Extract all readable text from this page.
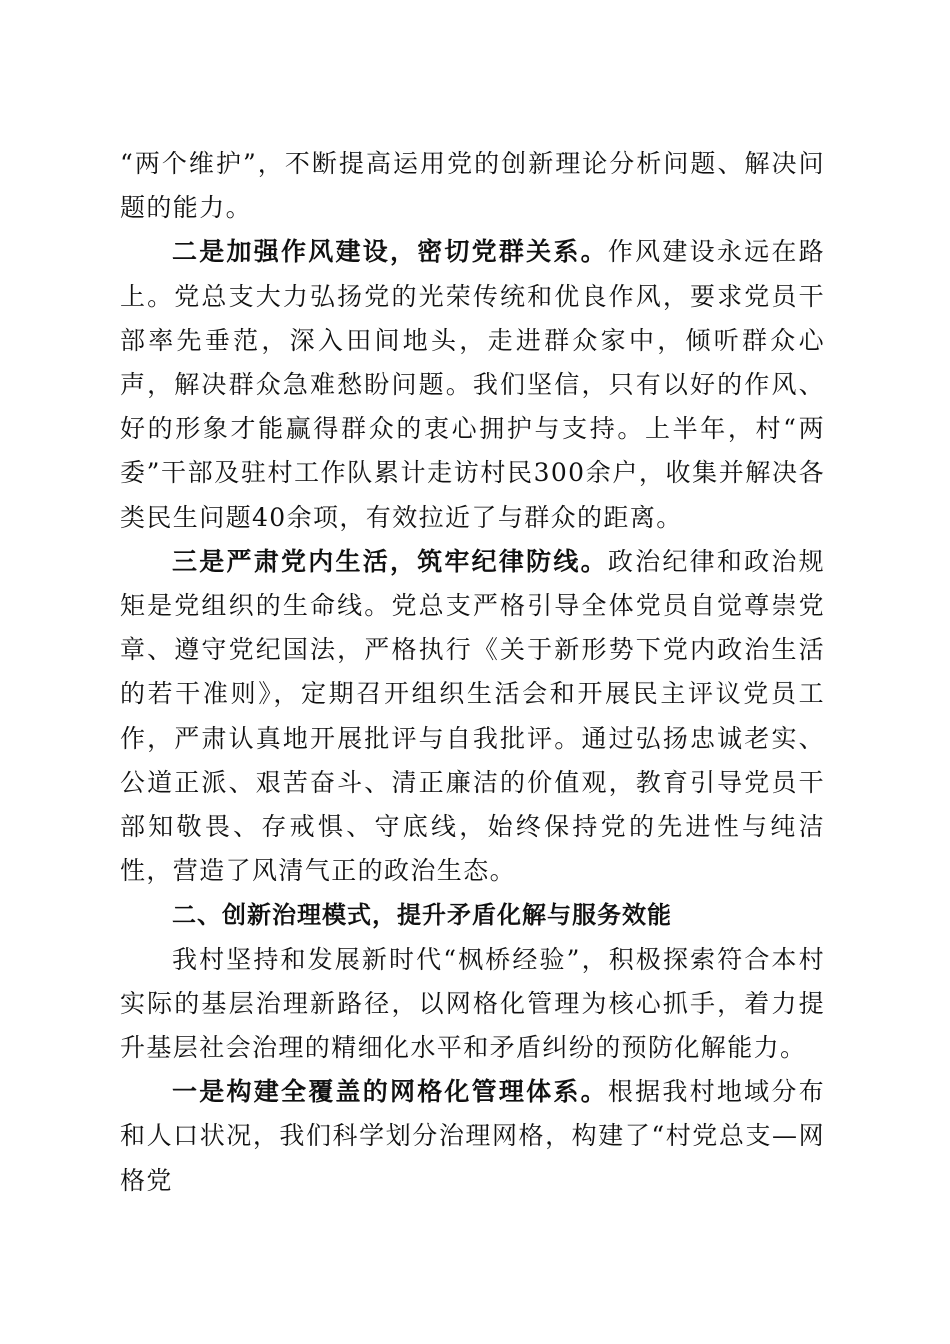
“两个维护”，不断提高运用党的创新理论分析问题、解决问题的能力。

二是加强作风建设，密切党群关系。作风建设永远在路上。党总支大力弘扬党的光荣传统和优良作风，要求党员干部率先垂范，深入田间地头，走进群众家中，倾听群众心声，解决群众急难愁盼问题。我们坚信，只有以好的作风、好的形象才能赢得群众的衷心拥护与支持。上半年，村“两委”干部及驻村工作队累计走访村民300余户，收集并解决各类民生问题40余项，有效拉近了与群众的距离。

三是严肃党内生活，筑牢纪律防线。政治纪律和政治规矩是党组织的生命线。党总支严格引导全体党员自觉尊崇党章、遵守党纪国法，严格执行《关于新形势下党内政治生活的若干准则》，定期召开组织生活会和开展民主评议党员工作，严肃认真地开展批评与自我批评。通过弘扬忠诚老实、公道正派、艰苦奋斗、清正廉洁的价值观，教育引导党员干部知敬畏、存戒惧、守底线，始终保持党的先进性与纯洁性，营造了风清气正的政治生态。

二、创新治理模式，提升矛盾化解与服务效能

我村坚持和发展新时代“枫桥经验”，积极探索符合本村实际的基层治理新路径，以网格化管理为核心抓手，着力提升基层社会治理的精细化水平和矛盾纠纷的预防化解能力。

一是构建全覆盖的网格化管理体系。根据我村地域分布和人口状况，我们科学划分治理网格，构建了“村党总支—网格党
